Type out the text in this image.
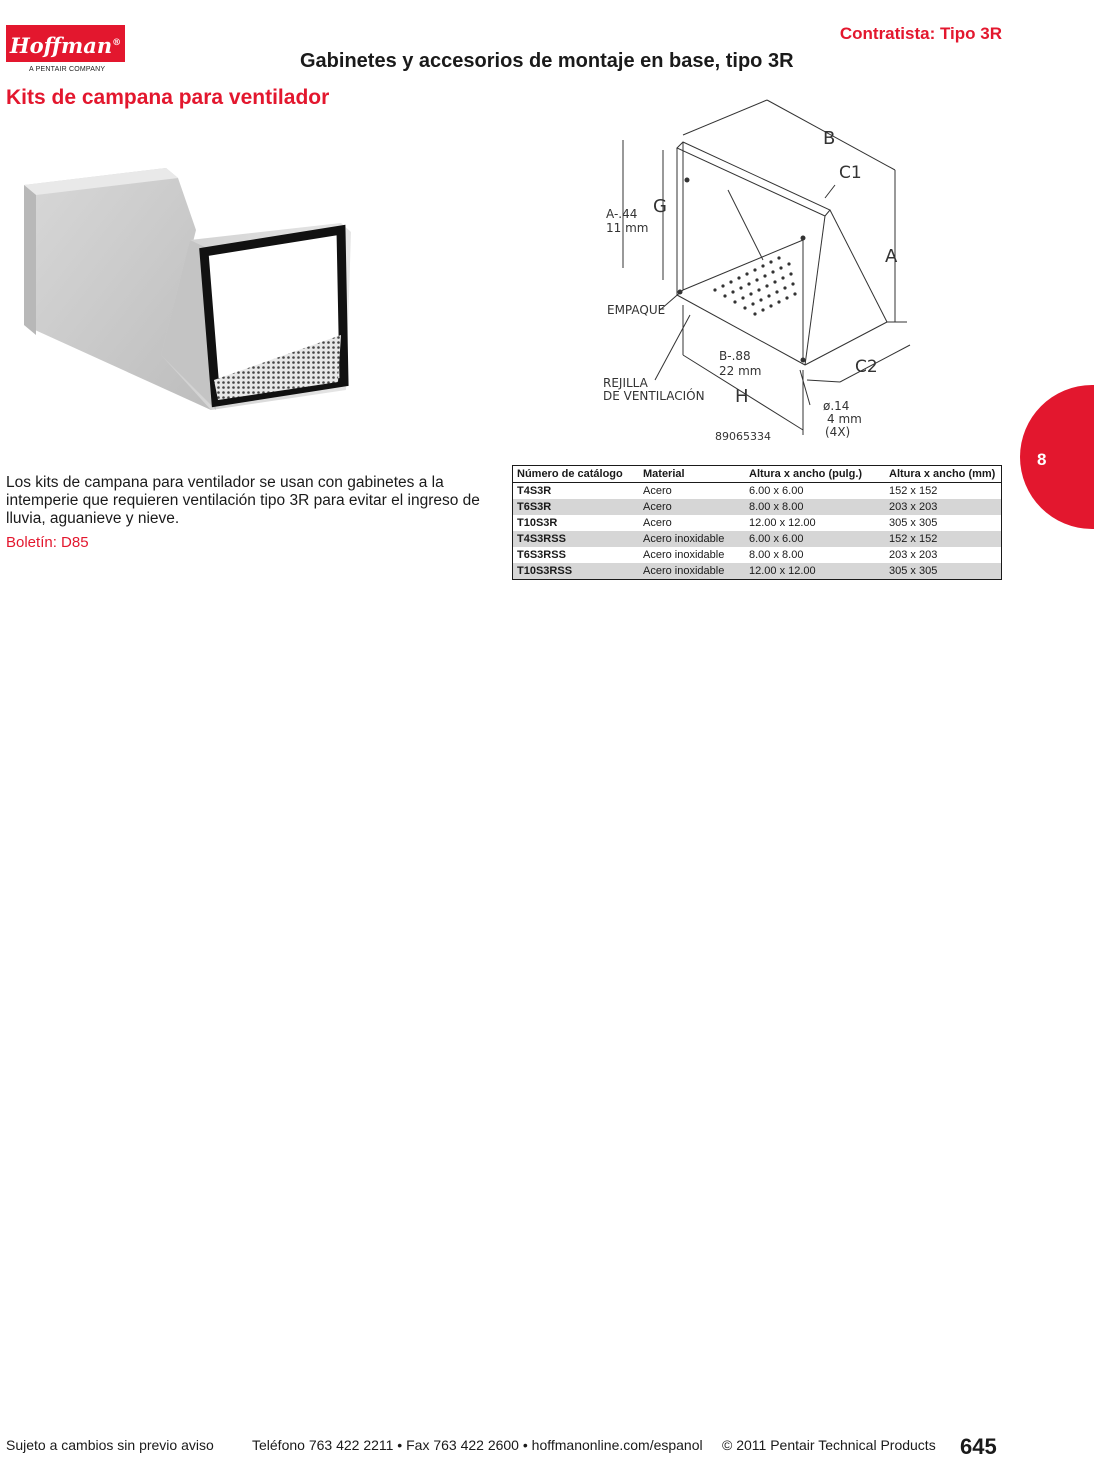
Hoffman®
A PENTAIR COMPANY
Contratista: Tipo 3R
Gabinetes y accesorios de montaje en base, tipo 3R
Kits de campana para ventilador
B
C1
G
A
A-.44
11 mm
EMPAQUE
B-.88
22 mm	C2
REJILLA
DE VENTILACIÓN H	ø.14
4 mm
(4X)
89065334
8
Los kits de campana para ventilador se usan con gabinetes a la intemperie que requieren ventilación tipo 3R para evitar el ingreso de lluvia, aguanieve y nieve.
Boletín: D85
Número de catálogo	Material	Altura x ancho (pulg.)	Altura x ancho (mm)
T4S3R	Acero	6.00 x 6.00	152 x 152
T6S3R	Acero	8.00 x 8.00	203 x 203
T10S3R	Acero	12.00 x 12.00	305 x 305
T4S3RSS	Acero inoxidable	6.00 x 6.00	152 x 152
T6S3RSS	Acero inoxidable	8.00 x 8.00	203 x 203
T10S3RSS	Acero inoxidable	12.00 x 12.00	305 x 305
Sujeto a cambios sin previo aviso	Teléfono 763 422 2211 • Fax 763 422 2600 • hoffmanonline.com/espanol © 2011 Pentair Technical Products 645
